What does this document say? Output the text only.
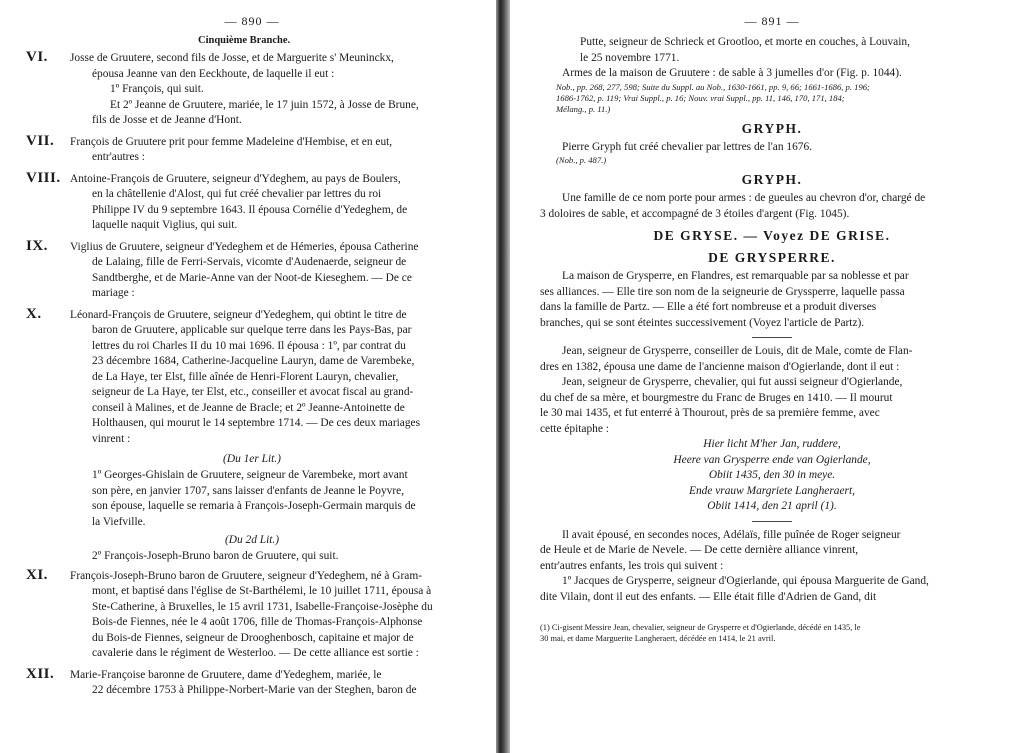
— 890 —
Cinquième Branche.
VI. Josse de Gruutere, second fils de Josse, et de Marguerite s' Meuninckx,
épousa Jeanne van den Eeckhoute, de laquelle il eut :
1º François, qui suit.
Et 2º Jeanne de Gruutere, mariée, le 17 juin 1572, à Josse de Brune,
fils de Josse et de Jeanne d'Hont.
VII. François de Gruutere prit pour femme Madeleine d'Hembise, et en eut,
entr'autres :
VIII. Antoine-François de Gruutere, seigneur d'Ydeghem, au pays de Boulers,
en la châtellenie d'Alost, qui fut créé chevalier par lettres du roi
Philippe IV du 9 septembre 1643. Il épousa Cornélie d'Yedeghem, de
laquelle naquit Viglius, qui suit.
IX. Viglius de Gruutere, seigneur d'Yedeghem et de Hémeries, épousa Catherine
de Lalaing, fille de Ferri-Servais, vicomte d'Audenaerde, seigneur de
Sandtberghe, et de Marie-Anne van der Noot-de Kieseghem. — De ce
mariage :
X. Léonard-François de Gruutere, seigneur d'Yedeghem, qui obtint le titre de
baron de Gruutere, applicable sur quelque terre dans les Pays-Bas, par
lettres du roi Charles II du 10 mai 1696. Il épousa : 1º, par contrat du
23 décembre 1684, Catherine-Jacqueline Lauryn, dame de Varembeke,
de La Haye, ter Elst, fille aînée de Henri-Florent Lauryn, chevalier,
seigneur de La Haye, ter Elst, etc., conseiller et avocat fiscal au grand-
conseil à Malines, et de Jeanne de Bracle; et 2º Jeanne-Antoinette de
Holthausen, qui mourut le 14 septembre 1714. — De ces deux mariages
vinrent :
(Du 1er Lit.)
1º Georges-Ghislain de Gruutere, seigneur de Varembeke, mort avant
son père, en janvier 1707, sans laisser d'enfants de Jeanne le Poyvre,
son épouse, laquelle se remaria à François-Joseph-Germain marquis de
la Viefville.
(Du 2d Lit.)
2º François-Joseph-Bruno baron de Gruutere, qui suit.
XI. François-Joseph-Bruno baron de Gruutere, seigneur d'Yedeghem, né à Gram-
mont, et baptisé dans l'église de St-Barthélemi, le 10 juillet 1711, épousa à
Ste-Catherine, à Bruxelles, le 15 avril 1731, Isabelle-Françoise-Josèphe du
Bois-de Fiennes, née le 4 août 1706, fille de Thomas-François-Alphonse
du Bois-de Fiennes, seigneur de Drooghenbosch, capitaine et major de
cavalerie dans le régiment de Westerloo. — De cette alliance est sortie :
XII. Marie-Françoise baronne de Gruutere, dame d'Yedeghem, mariée, le
22 décembre 1753 à Philippe-Norbert-Marie van der Steghen, baron de
— 891 —
Putte, seigneur de Schrieck et Grootloo, et morte en couches, à Louvain,
le 25 novembre 1771.
Armes de la maison de Gruutere : de sable à 3 jumelles d'or (Fig. p. 1044).
Nob., pp. 268, 277, 598; Suite du Suppl. au Nob., 1630-1661, pp. 9, 66; 1661-1686, p. 196;
1686-1762, p. 119; Vrai Suppl., p. 16; Nouv. vrai Suppl., pp. 11, 146, 170, 171, 184;
Mélang., p. 11.)
GRYPH.
Pierre Gryph fut créé chevalier par lettres de l'an 1676.
(Nob., p. 487.)
GRYPH.
Une famille de ce nom porte pour armes : de gueules au chevron d'or, chargé de
3 doloires de sable, et accompagné de 3 étoiles d'argent (Fig. 1045).
DE GRYSE. — Voyez DE GRISE.
DE GRYSPERRE.
La maison de Grysperre, en Flandres, est remarquable par sa noblesse et par
ses alliances. — Elle tire son nom de la seigneurie de Gryssperre, laquelle passa
dans la famille de Partz. — Elle a été fort nombreuse et a produit diverses
branches, qui se sont éteintes successivement (Voyez l'article de Partz).
Jean, seigneur de Grysperre, conseiller de Louis, dit de Male, comte de Flan-
dres en 1382, épousa une dame de l'ancienne maison d'Ogierlande, dont il eut :
Jean, seigneur de Grysperre, chevalier, qui fut aussi seigneur d'Ogierlande,
du chef de sa mère, et bourgmestre du Franc de Bruges en 1410. — Il mourut
le 30 mai 1435, et fut enterré à Thourout, près de sa première femme, avec
cette épitaphe :
Hier licht M'her Jan, ruddere,
Heere van Grysperre ende van Ogierlande,
Obiit 1435, den 30 in meye.
Ende vrauw Margriete Langheraert,
Obiit 1414, den 21 april (1).
Il avait épousé, en secondes noces, Adélaïs, fille puînée de Roger seigneur
de Heule et de Marie de Nevele. — De cette dernière alliance vinrent,
entr'autres enfants, les trois qui suivent :
1º Jacques de Grysperre, seigneur d'Ogierlande, qui épousa Marguerite de Gand,
dite Vilain, dont il eut des enfants. — Elle était fille d'Adrien de Gand, dit
(1) Ci-gisent Messire Jean, chevalier, seigneur de Grysperre et d'Ogierlande, décédé en 1435, le
30 mai, et dame Marguerite Langheraert, décédée en 1414, le 21 avril.
